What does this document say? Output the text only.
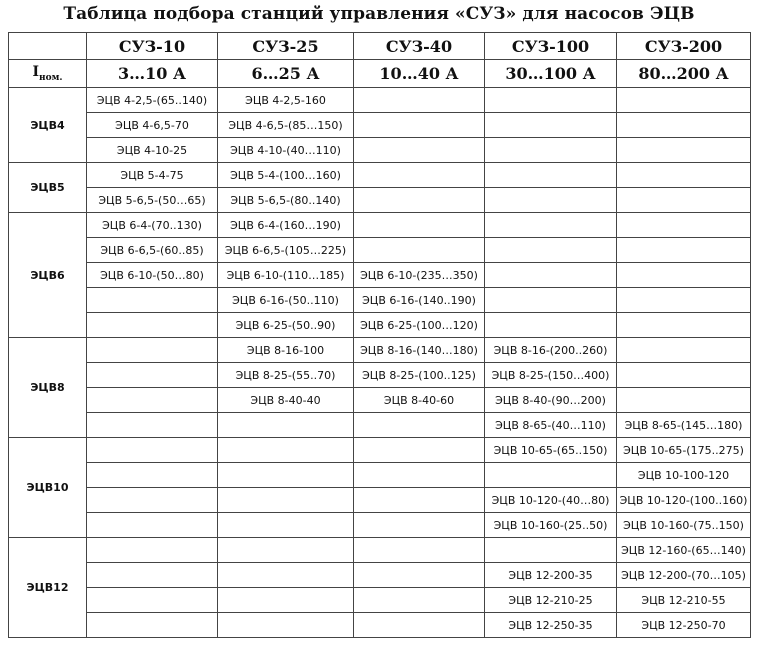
Таблица подбора станций управления «СУЗ» для насосов ЭЦВ
	СУЗ-10	СУЗ-25	СУЗ-40	СУЗ-100	СУЗ-200
$I_{ном.}$	3…10 А	6…25 А	10…40 А	30…100 А	80…200 А
ЭЦВ4	ЭЦВ 4-2,5-(65..140)	ЭЦВ 4-2,5-160			
	ЭЦВ 4-6,5-70	ЭЦВ 4-6,5-(85…150)			
	ЭЦВ 4-10-25	ЭЦВ 4-10-(40…110)			
ЭЦВ5	ЭЦВ 5-4-75	ЭЦВ 5-4-(100…160)			
	ЭЦВ 5-6,5-(50…65)	ЭЦВ 5-6,5-(80..140)			
ЭЦВ6	ЭЦВ 6-4-(70..130)	ЭЦВ 6-4-(160…190)			
	ЭЦВ 6-6,5-(60..85)	ЭЦВ 6-6,5-(105…225)			
	ЭЦВ 6-10-(50…80)	ЭЦВ 6-10-(110…185)	ЭЦВ 6-10-(235…350)		
		ЭЦВ 6-16-(50..110)	ЭЦВ 6-16-(140..190)		
		ЭЦВ 6-25-(50..90)	ЭЦВ 6-25-(100…120)		
ЭЦВ8		ЭЦВ 8-16-100	ЭЦВ 8-16-(140…180)	ЭЦВ 8-16-(200..260)	
		ЭЦВ 8-25-(55..70)	ЭЦВ 8-25-(100..125)	ЭЦВ 8-25-(150…400)	
		ЭЦВ 8-40-40	ЭЦВ 8-40-60	ЭЦВ 8-40-(90…200)	
				ЭЦВ 8-65-(40…110)	ЭЦВ 8-65-(145…180)
ЭЦВ10				ЭЦВ 10-65-(65..150)	ЭЦВ 10-65-(175..275)
					ЭЦВ 10-100-120
				ЭЦВ 10-120-(40…80)	ЭЦВ 10-120-(100..160)
				ЭЦВ 10-160-(25..50)	ЭЦВ 10-160-(75..150)
ЭЦВ12					ЭЦВ 12-160-(65…140)
				ЭЦВ 12-200-35	ЭЦВ 12-200-(70…105)
				ЭЦВ 12-210-25	ЭЦВ 12-210-55
				ЭЦВ 12-250-35	ЭЦВ 12-250-70
